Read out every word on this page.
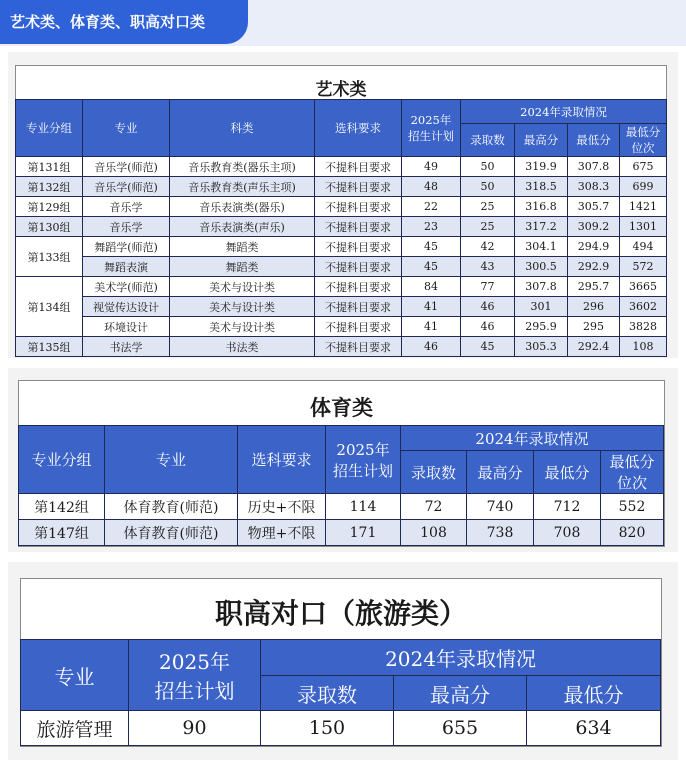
艺术类、体育类、职高对口类
艺术类
专业分组	专业	科类	选科要求	2025年
招生计划	2024年录取情况			
					录取数	最高分	最低分	最低分
位次
第131组	音乐学(师范)	音乐教育类(器乐主项)	不提科目要求	49	50	319.9	307.8	675
第132组	音乐学(师范)	音乐教育类(声乐主项)	不提科目要求	48	50	318.5	308.3	699
第129组	音乐学	音乐表演类(器乐)	不提科目要求	22	25	316.8	305.7	1421
第130组	音乐学	音乐表演类(声乐)	不提科目要求	23	25	317.2	309.2	1301
第133组	舞蹈学(师范)	舞蹈类	不提科目要求	45	42	304.1	294.9	494
	舞蹈表演	舞蹈类	不提科目要求	45	43	300.5	292.9	572
第134组	美术学(师范)	美术与设计类	不提科目要求	84	77	307.8	295.7	3665
	视觉传达设计	美术与设计类	不提科目要求	41	46	301	296	3602
	环境设计	美术与设计类	不提科目要求	41	46	295.9	295	3828
第135组	书法学	书法类	不提科目要求	46	45	305.3	292.4	108
体育类
专业分组	专业	选科要求	2025年
招生计划	2024年录取情况			
				录取数	最高分	最低分	最低分
位次
第142组	体育教育(师范)	历史+不限	114	72	740	712	552
第147组	体育教育(师范)	物理+不限	171	108	738	708	820
职高对口（旅游类）
专业	2025年
招生计划	2024年录取情况		
		录取数	最高分	最低分
旅游管理	90	150	655	634
